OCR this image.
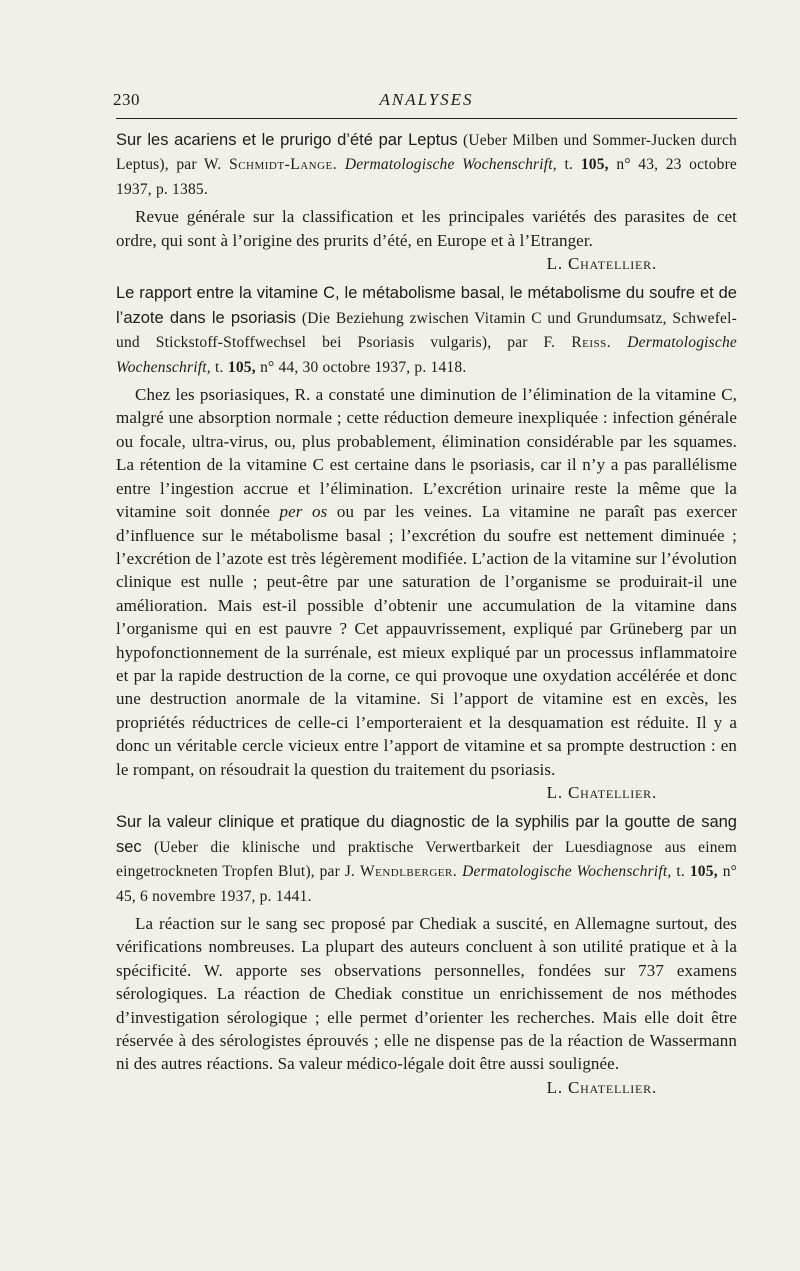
230	ANALYSES

Sur les acariens et le prurigo d’été par Leptus (Ueber Milben und Sommer-Jucken durch Leptus), par W. Schmidt-Lange. Dermatologische Wochenschrift, t. 105, n° 43, 23 octobre 1937, p. 1385.

Revue générale sur la classification et les principales variétés des parasites de cet ordre, qui sont à l’origine des prurits d’été, en Europe et à l’Etranger.
L. Chatellier.

Le rapport entre la vitamine C, le métabolisme basal, le métabolisme du soufre et de l’azote dans le psoriasis (Die Beziehung zwischen Vitamin C und Grundumsatz, Schwefel-und Stickstoff-Stoffwechsel bei Psoriasis vulgaris), par F. Reiss. Dermatologische Wochenschrift, t. 105, n° 44, 30 octobre 1937, p. 1418.

Chez les psoriasiques, R. a constaté une diminution de l’élimination de la vitamine C, malgré une absorption normale ; cette réduction demeure inexpliquée : infection générale ou focale, ultra-virus, ou, plus probablement, élimination considérable par les squames. La rétention de la vitamine C est certaine dans le psoriasis, car il n’y a pas parallélisme entre l’ingestion accrue et l’élimination. L’excrétion urinaire reste la même que la vitamine soit donnée per os ou par les veines. La vitamine ne paraît pas exercer d’influence sur le métabolisme basal ; l’excrétion du soufre est nettement diminuée ; l’excrétion de l’azote est très légèrement modifiée. L’action de la vitamine sur l’évolution clinique est nulle ; peut-être par une saturation de l’organisme se produirait-il une amélioration. Mais est-il possible d’obtenir une accumulation de la vitamine dans l’organisme qui en est pauvre ? Cet appauvrissement, expliqué par Grüneberg par un hypofonctionnement de la surrénale, est mieux expliqué par un processus inflammatoire et par la rapide destruction de la corne, ce qui provoque une oxydation accélérée et donc une destruction anormale de la vitamine. Si l’apport de vitamine est en excès, les propriétés réductrices de celle-ci l’emporteraient et la desquamation est réduite. Il y a donc un véritable cercle vicieux entre l’apport de vitamine et sa prompte destruction : en le rompant, on résoudrait la question du traitement du psoriasis.
L. Chatellier.

Sur la valeur clinique et pratique du diagnostic de la syphilis par la goutte de sang sec (Ueber die klinische und praktische Verwertbarkeit der Luesdiagnose aus einem eingetrockneten Tropfen Blut), par J. Wendlberger. Dermatologische Wochenschrift, t. 105, n° 45, 6 novembre 1937, p. 1441.

La réaction sur le sang sec proposé par Chediak a suscité, en Allemagne surtout, des vérifications nombreuses. La plupart des auteurs concluent à son utilité pratique et à la spécificité. W. apporte ses observations personnelles, fondées sur 737 examens sérologiques. La réaction de Chediak constitue un enrichissement de nos méthodes d’investigation sérologique ; elle permet d’orienter les recherches. Mais elle doit être réservée à des sérologistes éprouvés ; elle ne dispense pas de la réaction de Wassermann ni des autres réactions. Sa valeur médico-légale doit être aussi soulignée.
L. Chatellier.
